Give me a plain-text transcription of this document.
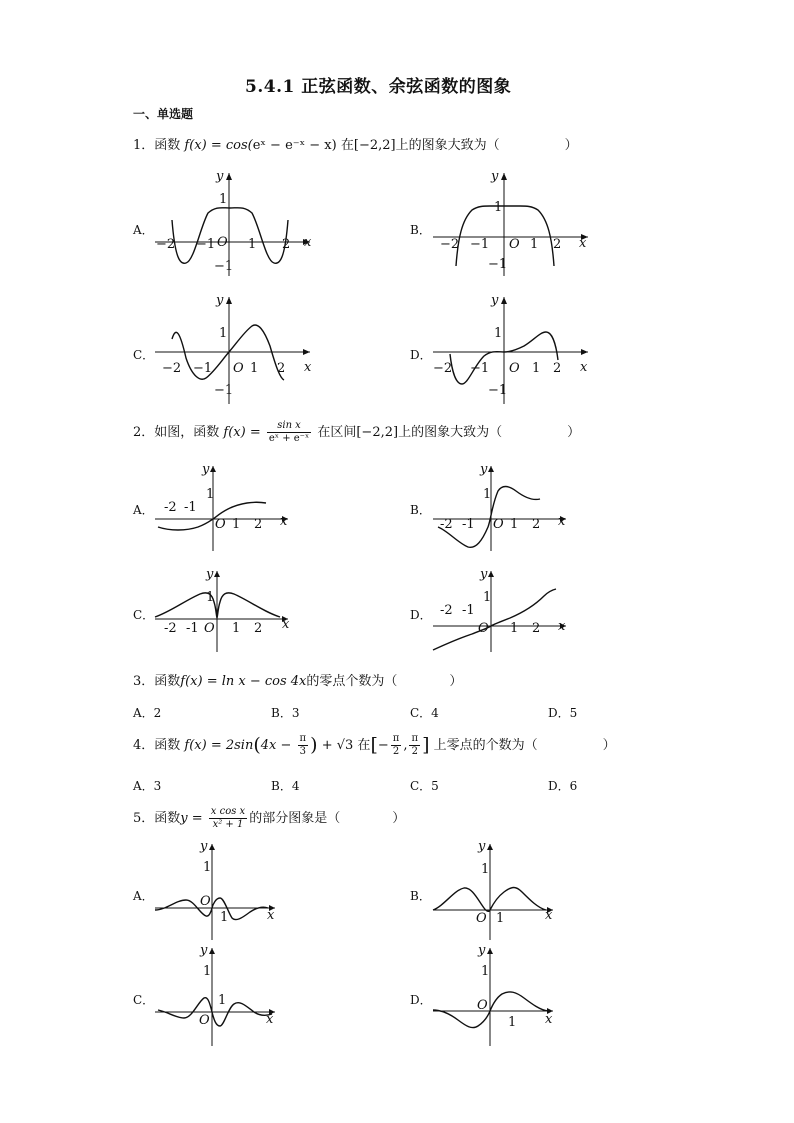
5.4.1 正弦函数、余弦函数的图象
一、单选题
1．函数 f(x) = cos(eˣ − e⁻ˣ − x) 在[−2,2]上的图象大致为（　　　　　）
A．	B．
C．	D．
y
x
O
−2 −1	1 2
1
−1
y
x
O
−2 −1	1 2
1
−1
y
x
O
−2 −1	1 2
1
−1
y
x
O
−2 −1	1 2
1
−1
2．如图，函数 $f(x) = \frac{\text{sin x}}{\text{eˣ + e⁻ˣ}}$ 在区间[−2,2]上的图象大致为（　　　　　）
A．	B．
C．	D．
y
x
O
-2 -1
1 2
1
y
x
O
-2 -1	1 2
1
y
x
O
-2 -1	1 2
1
y
x
O
-2 -1
1 2
1
3．函数f(x) = ln x − cos 4x的零点个数为（　　　　）
A．2	B．3	C．4	D．5
4．函数 $f(x) = 2\sin(4x - \frac{\pi}{3}$ ) + √3 在[− $\frac{\pi}{2}$ , $\frac{\pi}{2}$ ] 上零点的个数为（　　　　　）
A．3	B．4	C．5	D．6
5．函数$y = \frac{\text{x cos x}}{\text{x² + 1}}$ 的部分图象是（　　　　）
A．	B．
C．	D．
y
x
O
1
1
y
x
O 1
1
y
x
O
1
1
y
x
O
1
1
